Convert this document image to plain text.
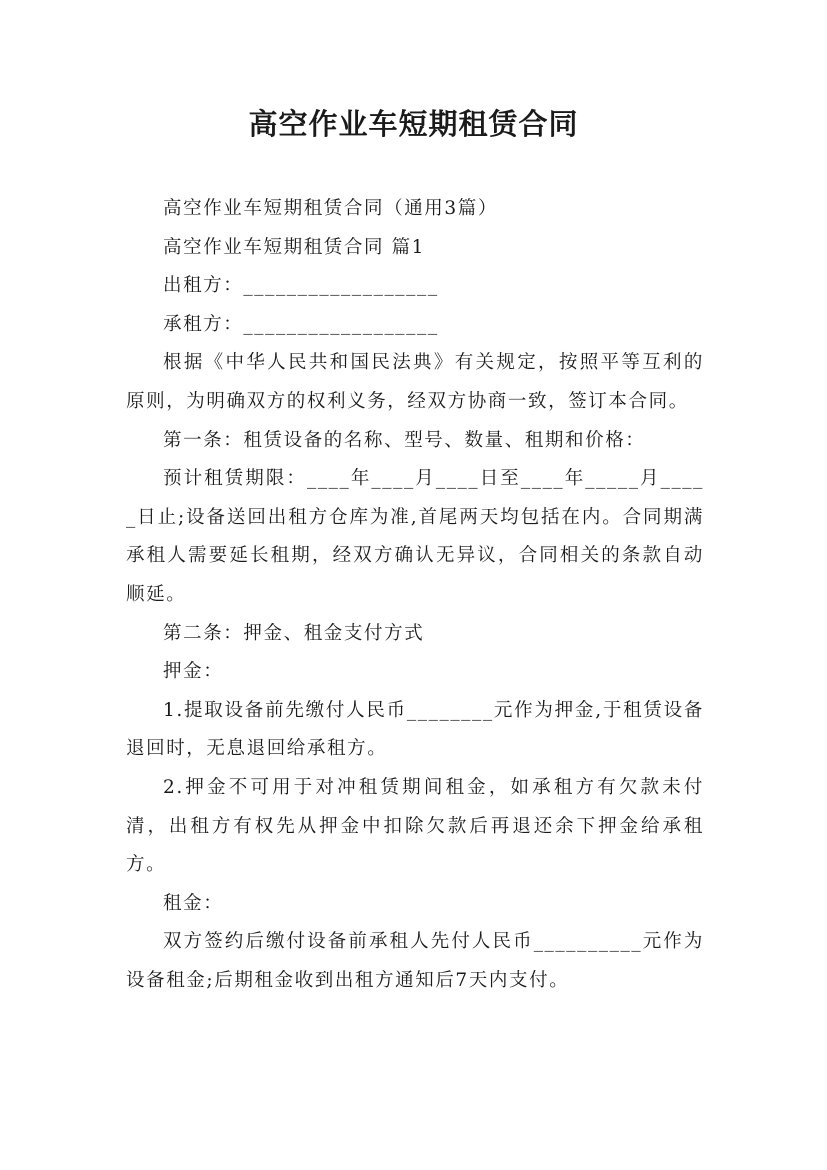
高空作业车短期租赁合同

高空作业车短期租赁合同（通用3篇）

高空作业车短期租赁合同 篇1

出租方：__________________

承租方：__________________

根据《中华人民共和国民法典》有关规定，按照平等互利的原则，为明确双方的权利义务，经双方协商一致，签订本合同。

第一条：租赁设备的名称、型号、数量、租期和价格：

预计租赁期限：____年____月____日至____年_____月_____日止;设备送回出租方仓库为准,首尾两天均包括在内。合同期满承租人需要延长租期，经双方确认无异议，合同相关的条款自动顺延。

第二条：押金、租金支付方式

押金：

1.提取设备前先缴付人民币________元作为押金,于租赁设备退回时，无息退回给承租方。

2.押金不可用于对冲租赁期间租金，如承租方有欠款未付清，出租方有权先从押金中扣除欠款后再退还余下押金给承租方。

租金：

双方签约后缴付设备前承租人先付人民币__________元作为设备租金;后期租金收到出租方通知后7天内支付。
